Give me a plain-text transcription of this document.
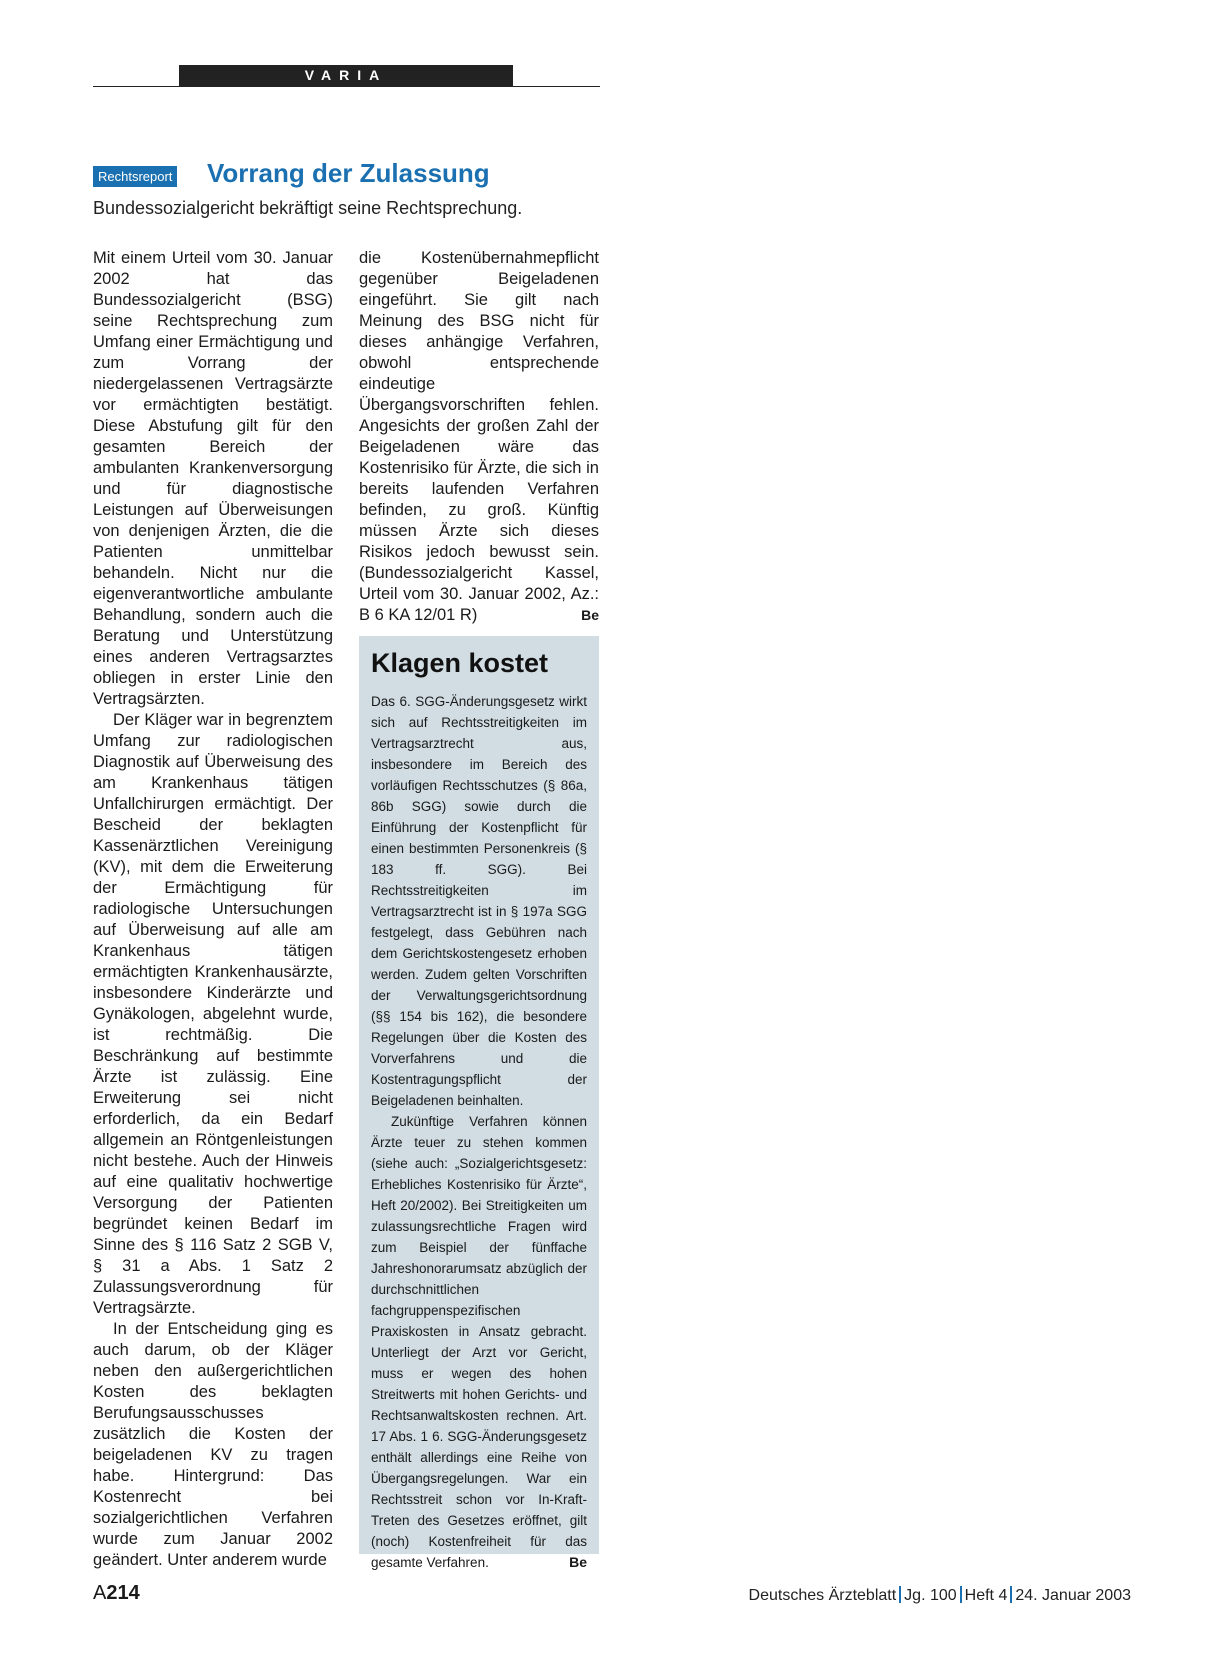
VARIA
Rechtsreport Vorrang der Zulassung

Bundessozialgericht bekräftigt seine Rechtsprechung.

Mit einem Urteil vom 30. Januar 2002 hat das Bundessozialgericht (BSG) seine Rechtsprechung zum Umfang einer Ermächtigung und zum Vorrang der niedergelassenen Vertragsärzte vor ermächtigten bestätigt. Diese Abstufung gilt für den gesamten Bereich der ambulanten Krankenversorgung und für diagnostische Leistungen auf Überweisungen von denjenigen Ärzten, die die Patienten unmittelbar behandeln. Nicht nur die eigenverantwortliche ambulante Behandlung, sondern auch die Beratung und Unterstützung eines anderen Vertragsarztes obliegen in erster Linie den Vertragsärzten.

Der Kläger war in begrenztem Umfang zur radiologischen Diagnostik auf Überweisung des am Krankenhaus tätigen Unfallchirurgen ermächtigt. Der Bescheid der beklagten Kassenärztlichen Vereinigung (KV), mit dem die Erweiterung der Ermächtigung für radiologische Untersuchungen auf Überweisung auf alle am Krankenhaus tätigen ermächtigten Krankenhausärzte, insbesondere Kinderärzte und Gynäkologen, abgelehnt wurde, ist rechtmäßig. Die Beschränkung auf bestimmte Ärzte ist zulässig. Eine Erweiterung sei nicht erforderlich, da ein Bedarf allgemein an Röntgenleistungen nicht bestehe. Auch der Hinweis auf eine qualitativ hochwertige Versorgung der Patienten begründet keinen Bedarf im Sinne des § 116 Satz 2 SGB V, § 31 a Abs. 1 Satz 2 Zulassungsverordnung für Vertragsärzte.

In der Entscheidung ging es auch darum, ob der Kläger neben den außergerichtlichen Kosten des beklagten Berufungsausschusses zusätzlich die Kosten der beigeladenen KV zu tragen habe. Hintergrund: Das Kostenrecht bei sozialgerichtlichen Verfahren wurde zum Januar 2002 geändert. Unter anderem wurde

die Kostenübernahmepflicht gegenüber Beigeladenen eingeführt. Sie gilt nach Meinung des BSG nicht für dieses anhängige Verfahren, obwohl entsprechende eindeutige Übergangsvorschriften fehlen. Angesichts der großen Zahl der Beigeladenen wäre das Kostenrisiko für Ärzte, die sich in bereits laufenden Verfahren befinden, zu groß. Künftig müssen Ärzte sich dieses Risikos jedoch bewusst sein. (Bundessozialgericht Kassel, Urteil vom 30. Januar 2002, Az.: B 6 KA 12/01 R)	Be

Klagen kostet

Das 6. SGG-Änderungsgesetz wirkt sich auf Rechtsstreitigkeiten im Vertragsarztrecht aus, insbesondere im Bereich des vorläufigen Rechtsschutzes (§ 86a, 86b SGG) sowie durch die Einführung der Kostenpflicht für einen bestimmten Personenkreis (§ 183 ff. SGG). Bei Rechtsstreitigkeiten im Vertragsarztrecht ist in § 197a SGG festgelegt, dass Gebühren nach dem Gerichtskostengesetz erhoben werden. Zudem gelten Vorschriften der Verwaltungsgerichtsordnung (§§ 154 bis 162), die besondere Regelungen über die Kosten des Vorverfahrens und die Kostentragungspflicht der Beigeladenen beinhalten.

Zukünftige Verfahren können Ärzte teuer zu stehen kommen (siehe auch: „Sozialgerichtsgesetz: Erhebliches Kostenrisiko für Ärzte“, Heft 20/2002). Bei Streitigkeiten um zulassungsrechtliche Fragen wird zum Beispiel der fünffache Jahreshonorarumsatz abzüglich der durchschnittlichen fachgruppenspezifischen Praxiskosten in Ansatz gebracht. Unterliegt der Arzt vor Gericht, muss er wegen des hohen Streitwerts mit hohen Gerichts- und Rechtsanwaltskosten rechnen. Art. 17 Abs. 1 6. SGG-Änderungsgesetz enthält allerdings eine Reihe von Übergangsregelungen. War ein Rechtsstreit schon vor In-Kraft-Treten des Gesetzes eröffnet, gilt (noch) Kostenfreiheit für das gesamte Verfahren.	Be

A214	Deutsches Ärzteblatt Jg. 100 Heft 4 24. Januar 2003
